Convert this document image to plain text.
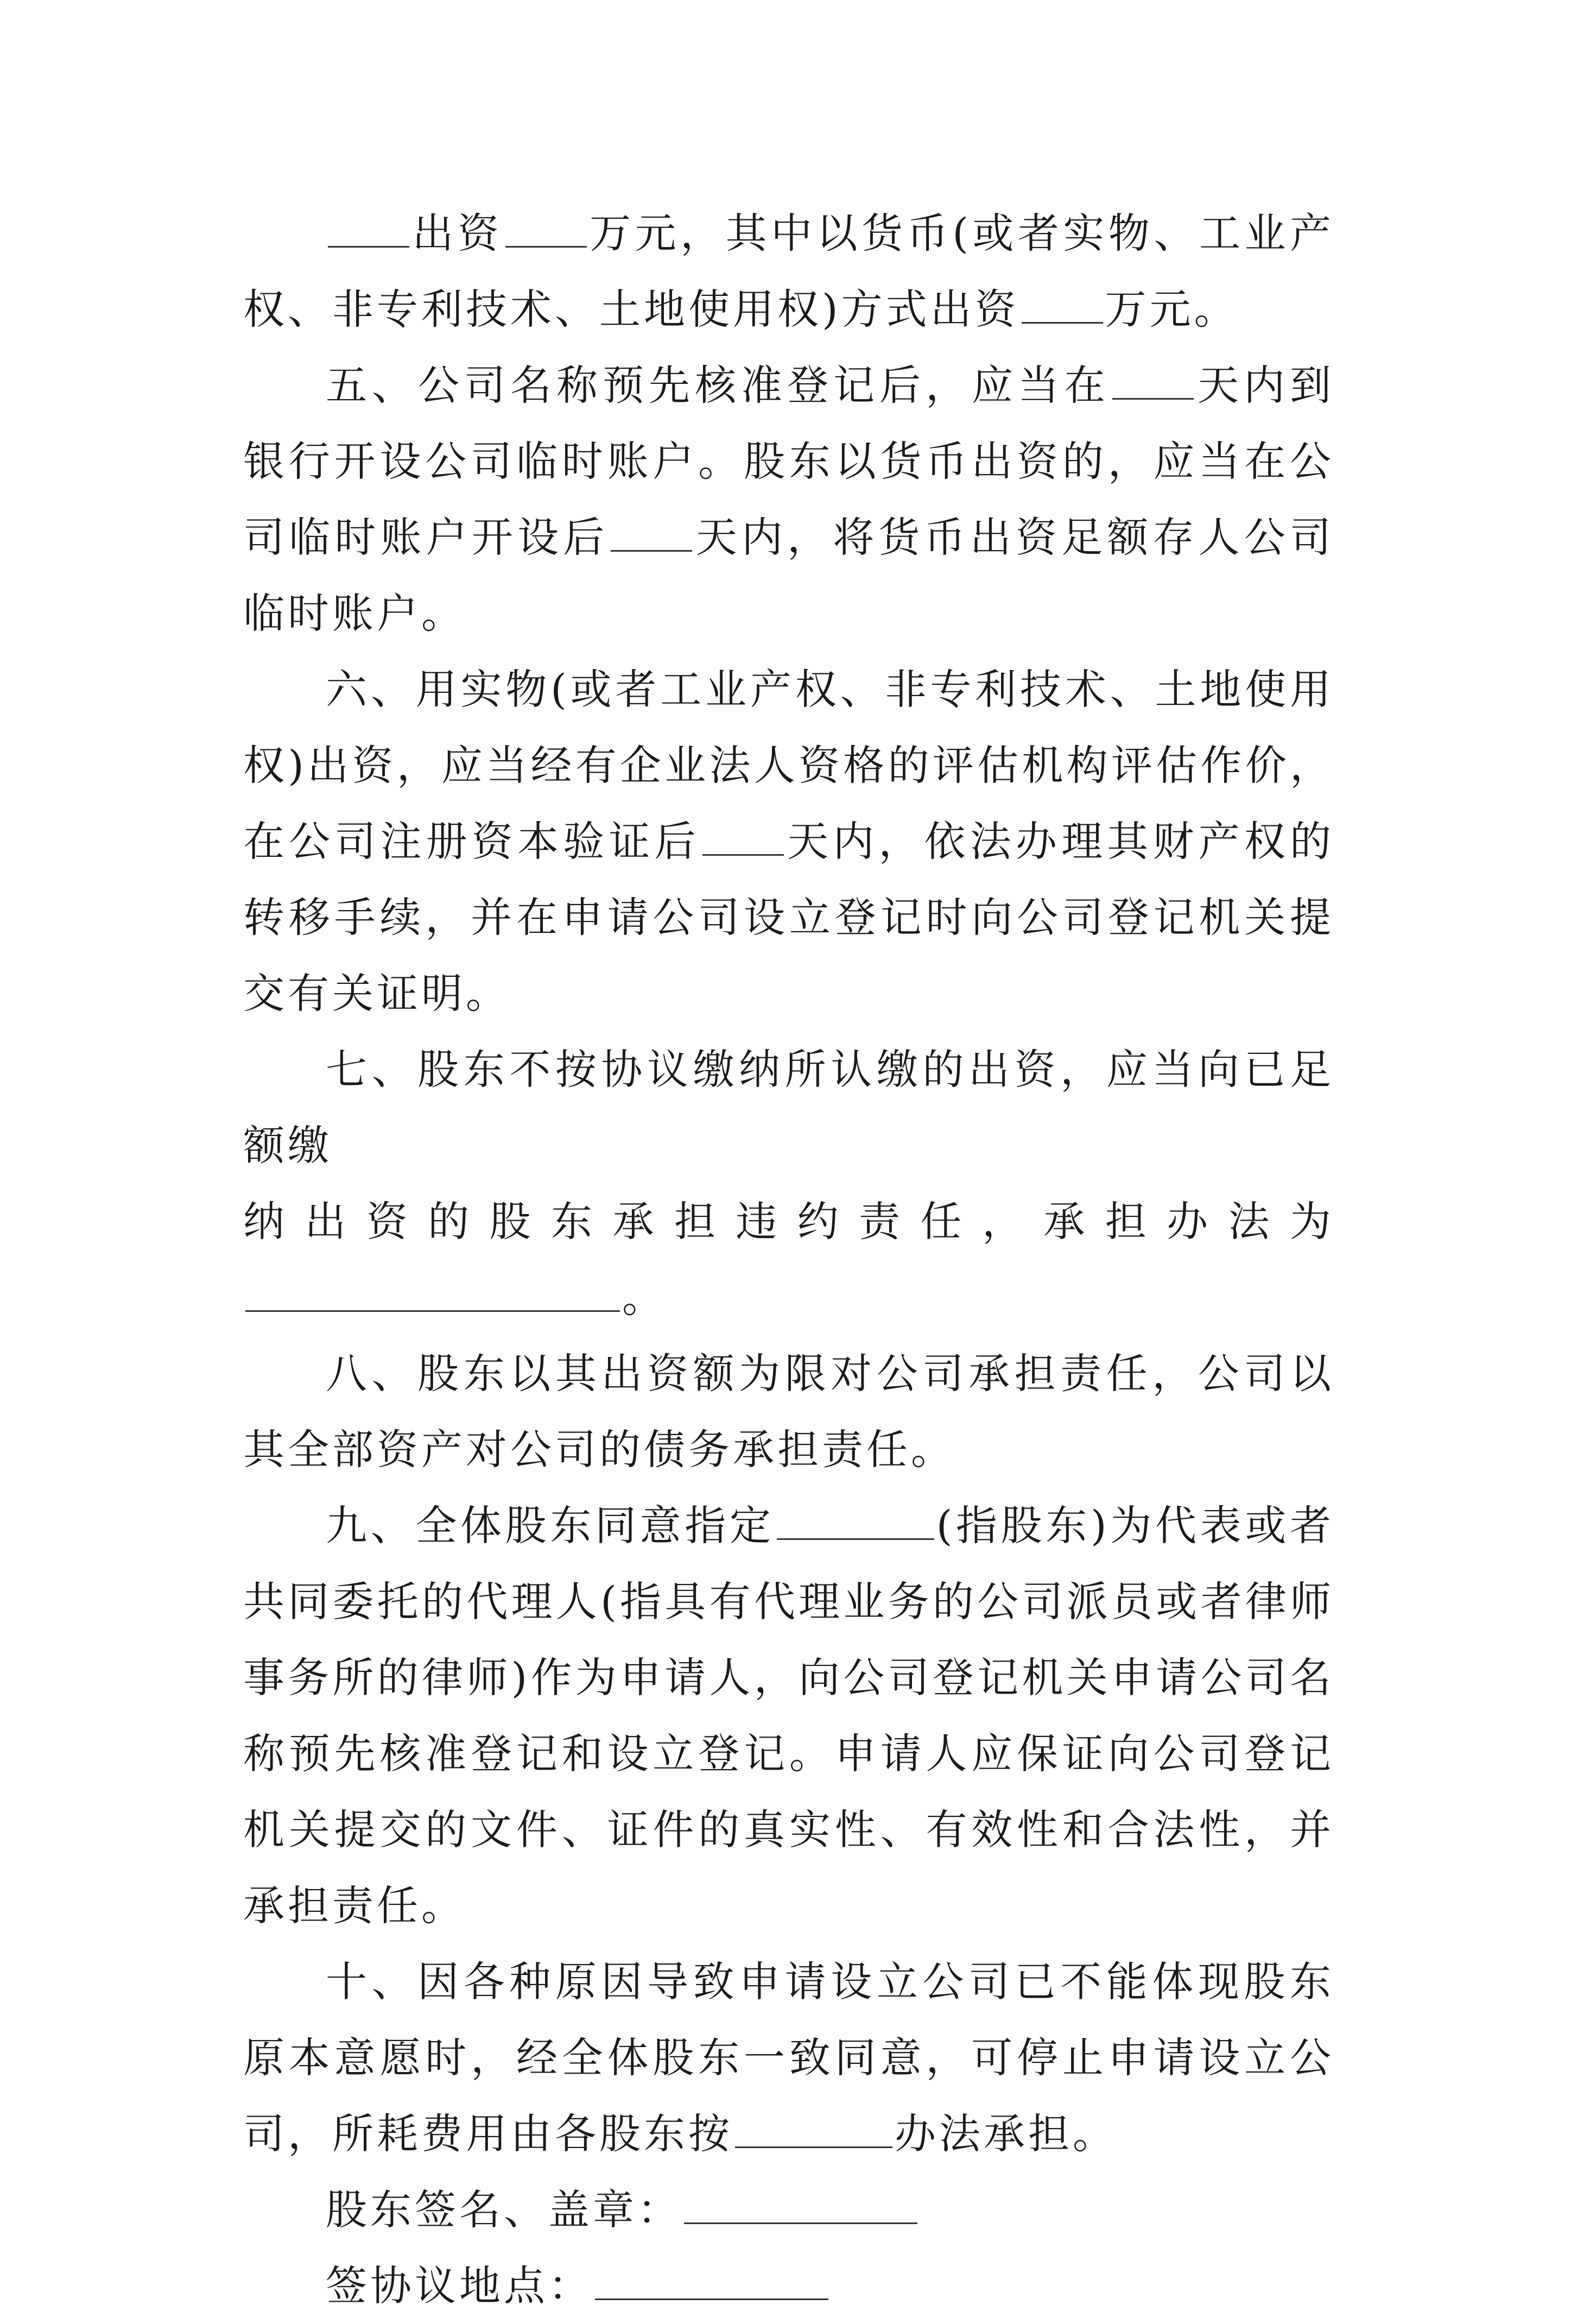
出资 万元，其中以货币(或者实物、工业产权、非专利技术、土地使用权)方式出资 万元。

五、公司名称预先核准登记后，应当在 天内到银行开设公司临时账户。股东以货币出资的，应当在公司临时账户开设后 天内，将货币出资足额存人公司临时账户。

六、用实物(或者工业产权、非专利技术、土地使用权)出资，应当经有企业法人资格的评估机构评估作价，在公司注册资本验证后 天内，依法办理其财产权的转移手续，并在申请公司设立登记时向公司登记机关提交有关证明。

七、股东不按协议缴纳所认缴的出资，应当向已足额缴

纳出资的股东承担违约责任，承担办法为

。

八、股东以其出资额为限对公司承担责任，公司以其全部资产对公司的债务承担责任。

九、全体股东同意指定	(指股东)为代表或者共同委托的代理人(指具有代理业务的公司派员或者律师事务所的律师)作为申请人，向公司登记机关申请公司名称预先核准登记和设立登记。申请人应保证向公司登记机关提交的文件、证件的真实性、有效性和合法性，并承担责任。

十、因各种原因导致申请设立公司已不能体现股东原本意愿时，经全体股东一致同意，可停止申请设立公司，所耗费用由各股东按	办法承担。

股东签名、盖章：

签协议地点：
